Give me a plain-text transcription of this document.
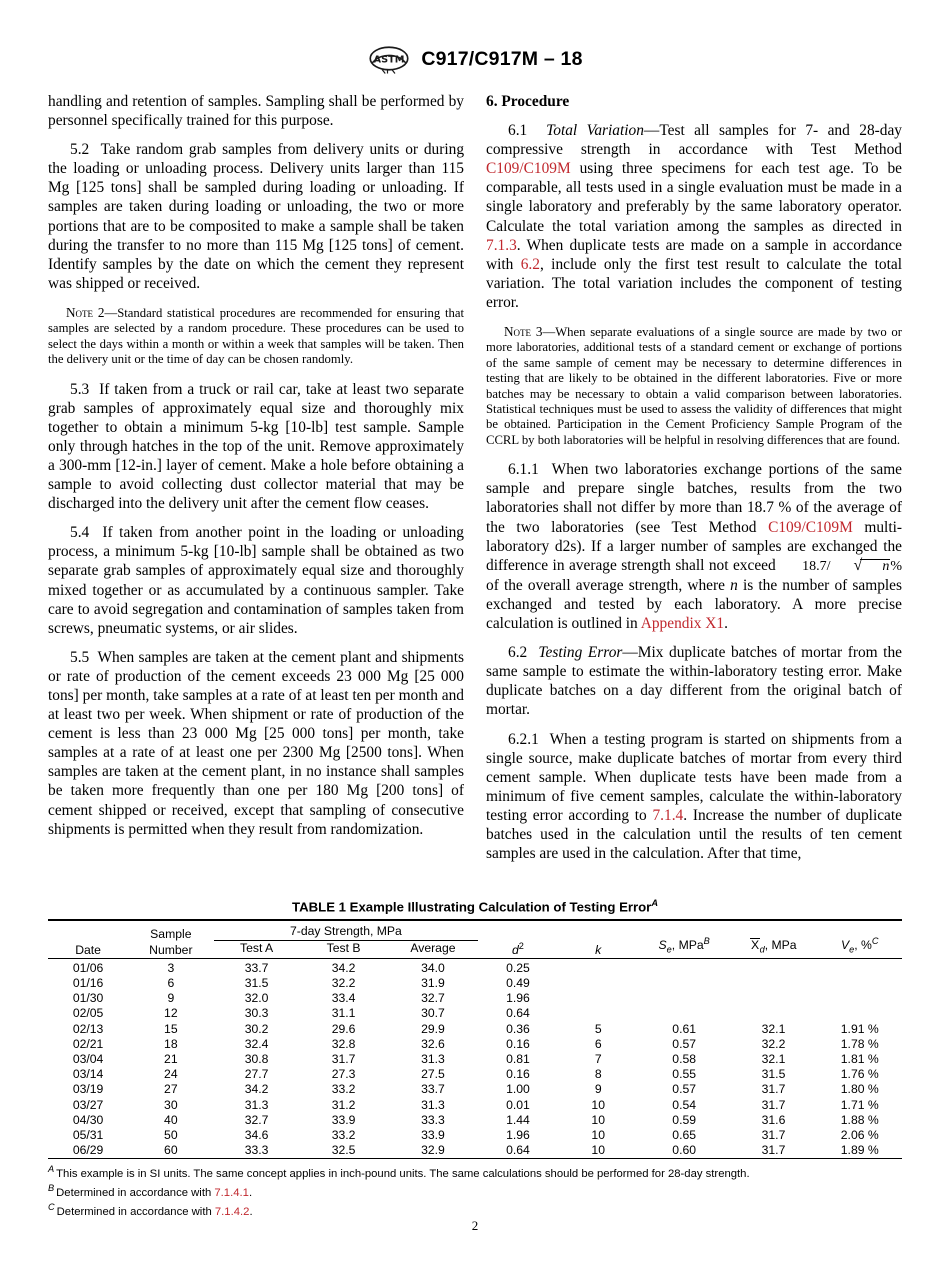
ASTM C917/C917M – 18

handling and retention of samples. Sampling shall be performed by personnel specifically trained for this purpose.

5.2 Take random grab samples from delivery units or during the loading or unloading process. Delivery units larger than 115 Mg [125 tons] shall be sampled during loading or unloading. If samples are taken during loading or unloading, the two or more portions that are to be composited to make a sample shall be taken during the transfer to no more than 115 Mg [125 tons] of cement. Identify samples by the date on which the cement they represent was shipped or received.

Note 2—Standard statistical procedures are recommended for ensuring that samples are selected by a random procedure. These procedures can be used to select the days within a month or within a week that samples will be taken. Then the delivery unit or the time of day can be chosen randomly.

5.3 If taken from a truck or rail car, take at least two separate grab samples of approximately equal size and thoroughly mix together to obtain a minimum 5-kg [10-lb] test sample. Sample only through hatches in the top of the unit. Remove approximately a 300-mm [12-in.] layer of cement. Make a hole before obtaining a sample to avoid collecting dust collector material that may be discharged into the delivery unit after the cement flow ceases.

5.4 If taken from another point in the loading or unloading process, a minimum 5-kg [10-lb] sample shall be obtained as two separate grab samples of approximately equal size and thoroughly mixed together or as accumulated by a continuous sampler. Take care to avoid segregation and contamination of samples taken from screws, pneumatic systems, or air slides.

5.5 When samples are taken at the cement plant and shipments or rate of production of the cement exceeds 23 000 Mg [25 000 tons] per month, take samples at a rate of at least ten per month and at least two per week. When shipment or rate of production of the cement is less than 23 000 Mg [25 000 tons] per month, take samples at a rate of at least one per 2300 Mg [2500 tons]. When samples are taken at the cement plant, in no instance shall samples be taken more frequently than one per 180 Mg [200 tons] of cement shipped or received, except that sampling of consecutive shipments is permitted when they result from randomization.

6. Procedure

6.1 Total Variation—Test all samples for 7- and 28-day compressive strength in accordance with Test Method C109/C109M using three specimens for each test age. To be comparable, all tests used in a single evaluation must be made in a single laboratory and preferably by the same laboratory operator. Calculate the total variation among the samples as directed in 7.1.3. When duplicate tests are made on a sample in accordance with 6.2, include only the first test result to calculate the total variation. The total variation includes the component of testing error.

Note 3—When separate evaluations of a single source are made by two or more laboratories, additional tests of a standard cement or exchange of portions of the same sample of cement may be necessary to determine differences in testing that are likely to be obtained in the different laboratories. Five or more batches may be necessary to obtain a valid comparison between laboratories. Statistical techniques must be used to assess the validity of differences that might be obtained. Participation in the Cement Proficiency Sample Program of the CCRL by both laboratories will be helpful in resolving differences that are found.

6.1.1 When two laboratories exchange portions of the same sample and prepare single batches, results from the two laboratories shall not differ by more than 18.7 % of the average of the two laboratories (see Test Method C109/C109M multi-laboratory d2s). If a larger number of samples are exchanged the difference in average strength shall not exceed 18.7/ √ n% of the overall average strength, where n is the number of samples exchanged and tested by each laboratory. A more precise calculation is outlined in Appendix X1.

6.2 Testing Error—Mix duplicate batches of mortar from the same sample to estimate the within-laboratory testing error. Make duplicate batches on a day different from the original batch of mortar.

6.2.1 When a testing program is started on shipments from a single source, make duplicate batches of mortar from every third cement sample. When duplicate tests have been made from a minimum of five cement samples, calculate the within-laboratory testing error according to 7.1.4. Increase the number of duplicate batches used in the calculation until the results of ten cement samples are used in the calculation. After that time,

TABLE 1 Example Illustrating Calculation of Testing Error$^A$
Date	Sample
Number	7-day Strength, MPa			d$^2$	k	$S_e$, MPa$^B$	$X_d$, MPa	$V_e$, %$^C$
		Test A	Test B	Average					
01/06	3	33.7	34.2	34.0	0.25				
01/16	6	31.5	32.2	31.9	0.49				
01/30	9	32.0	33.4	32.7	1.96				
02/05	12	30.3	31.1	30.7	0.64				
02/13	15	30.2	29.6	29.9	0.36	5	0.61	32.1	1.91 %
02/21	18	32.4	32.8	32.6	0.16	6	0.57	32.2	1.78 %
03/04	21	30.8	31.7	31.3	0.81	7	0.58	32.1	1.81 %
03/14	24	27.7	27.3	27.5	0.16	8	0.55	31.5	1.76 %
03/19	27	34.2	33.2	33.7	1.00	9	0.57	31.7	1.80 %
03/27	30	31.3	31.2	31.3	0.01	10	0.54	31.7	1.71 %
04/30	40	32.7	33.9	33.3	1.44	10	0.59	31.6	1.88 %
05/31	50	34.6	33.2	33.9	1.96	10	0.65	31.7	2.06 %
06/29	60	33.3	32.5	32.9	0.64	10	0.60	31.7	1.89 %
$^A$ This example is in SI units. The same concept applies in inch-pound units. The same calculations should be performed for 28-day strength.
$^B$ Determined in accordance with 7.1.4.1.
$^C$ Determined in accordance with 7.1.4.2.
2
